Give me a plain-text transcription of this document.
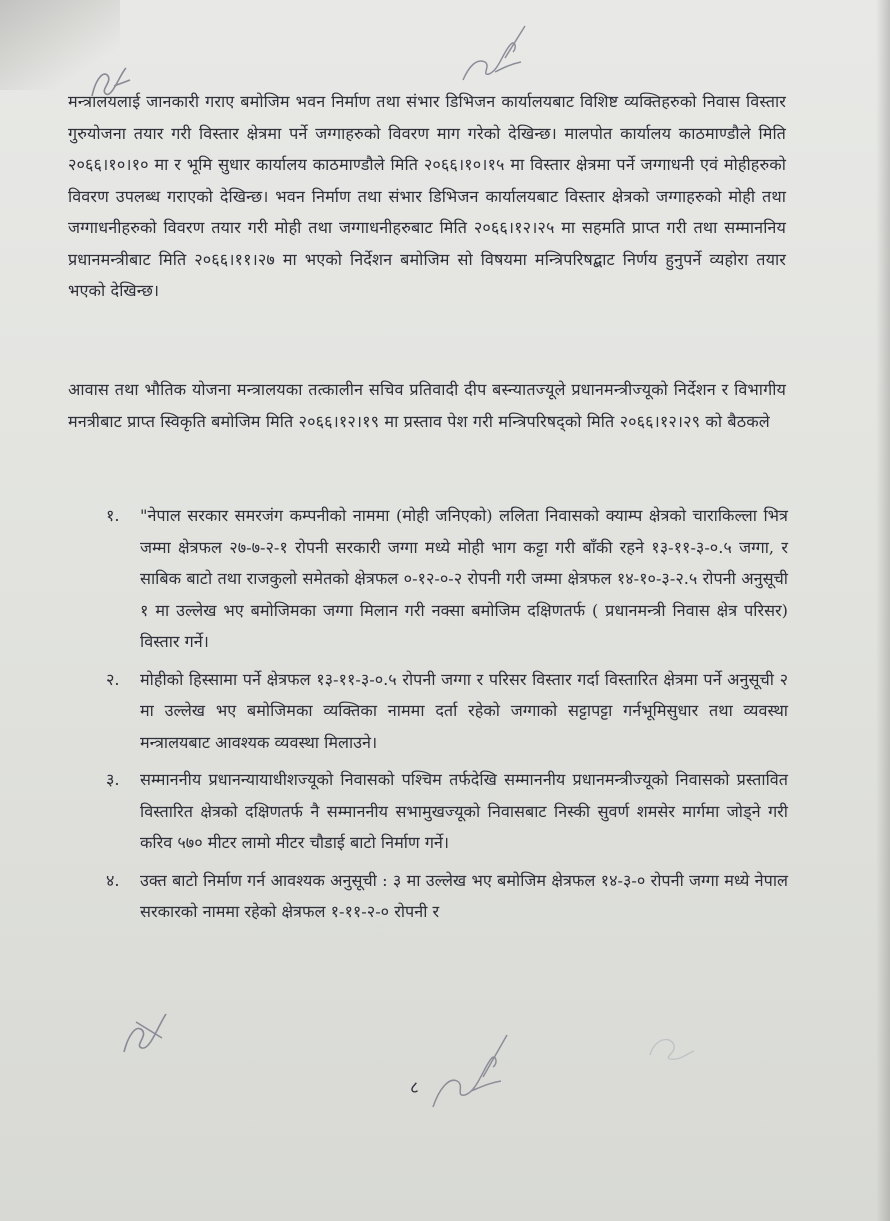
मन्त्रालयलाई जानकारी गराए बमोजिम भवन निर्माण तथा संभार डिभिजन कार्यालयबाट विशिष्ट व्यक्तिहरुको निवास विस्तार गुरुयोजना तयार गरी विस्तार क्षेत्रमा पर्ने जग्गाहरुको विवरण माग गरेको देखिन्छ। मालपोत कार्यालय काठमाण्डौले मिति २०६६।१०।१० मा र भूमि सुधार कार्यालय काठमाण्डौले मिति २०६६।१०।१५ मा विस्तार क्षेत्रमा पर्ने जग्गाधनी एवं मोहीहरुको विवरण उपलब्ध गराएको देखिन्छ। भवन निर्माण तथा संभार डिभिजन कार्यालयबाट विस्तार क्षेत्रको जग्गाहरुको मोही तथा जग्गाधनीहरुको विवरण तयार गरी मोही तथा जग्गाधनीहरुबाट मिति २०६६।१२।२५ मा सहमति प्राप्त गरी तथा सम्माननिय प्रधानमन्त्रीबाट मिति २०६६।११।२७ मा भएको निर्देशन बमोजिम सो विषयमा मन्त्रिपरिषद्बाट निर्णय हुनुपर्ने व्यहोरा तयार भएको देखिन्छ।

आवास तथा भौतिक योजना मन्त्रालयका तत्कालीन सचिव प्रतिवादी दीप बस्न्यातज्यूले प्रधानमन्त्रीज्यूको निर्देशन र विभागीय मनत्रीबाट प्राप्त स्विकृति बमोजिम मिति २०६६।१२।१९ मा प्रस्ताव पेश गरी मन्त्रिपरिषद्को मिति २०६६।१२।२९ को बैठकले

१.	"नेपाल सरकार समरजंग कम्पनीको नाममा (मोही जनिएको) ललिता निवासको क्याम्प क्षेत्रको चाराकिल्ला भित्र जम्मा क्षेत्रफल २७-७-२-१ रोपनी सरकारी जग्गा मध्ये मोही भाग कट्टा गरी बाँकी रहने १३-११-३-०.५ जग्गा, र साबिक बाटो तथा राजकुलो समेतको क्षेत्रफल ०-१२-०-२ रोपनी गरी जम्मा क्षेत्रफल १४-१०-३-२.५ रोपनी अनुसूची १ मा उल्लेख भए बमोजिमका जग्गा मिलान गरी नक्सा बमोजिम दक्षिणतर्फ ( प्रधानमन्त्री निवास क्षेत्र परिसर) विस्तार गर्ने।
२.	मोहीको हिस्सामा पर्ने क्षेत्रफल १३-११-३-०.५ रोपनी जग्गा र परिसर विस्तार गर्दा विस्तारित क्षेत्रमा पर्ने अनुसूची २ मा उल्लेख भए बमोजिमका व्यक्तिका नाममा दर्ता रहेको जग्गाको सट्टापट्टा गर्नभूमिसुधार तथा व्यवस्था मन्त्रालयबाट आवश्यक व्यवस्था मिलाउने।
३.	सम्माननीय प्रधानन्यायाधीशज्यूको निवासको पश्चिम तर्फदेखि सम्माननीय प्रधानमन्त्रीज्यूको निवासको प्रस्तावित विस्तारित क्षेत्रको दक्षिणतर्फ नै सम्माननीय सभामुखज्यूको निवासबाट निस्की सुवर्ण शमसेर मार्गमा जोड्ने गरी करिव ५७० मीटर लामो मीटर चौडाई बाटो निर्माण गर्ने।
४.	उक्त बाटो निर्माण गर्न आवश्यक अनुसूची : ३ मा उल्लेख भए बमोजिम क्षेत्रफल १४-३-० रोपनी जग्गा मध्ये नेपाल सरकारको नाममा रहेको क्षेत्रफल १-११-२-० रोपनी र
८
